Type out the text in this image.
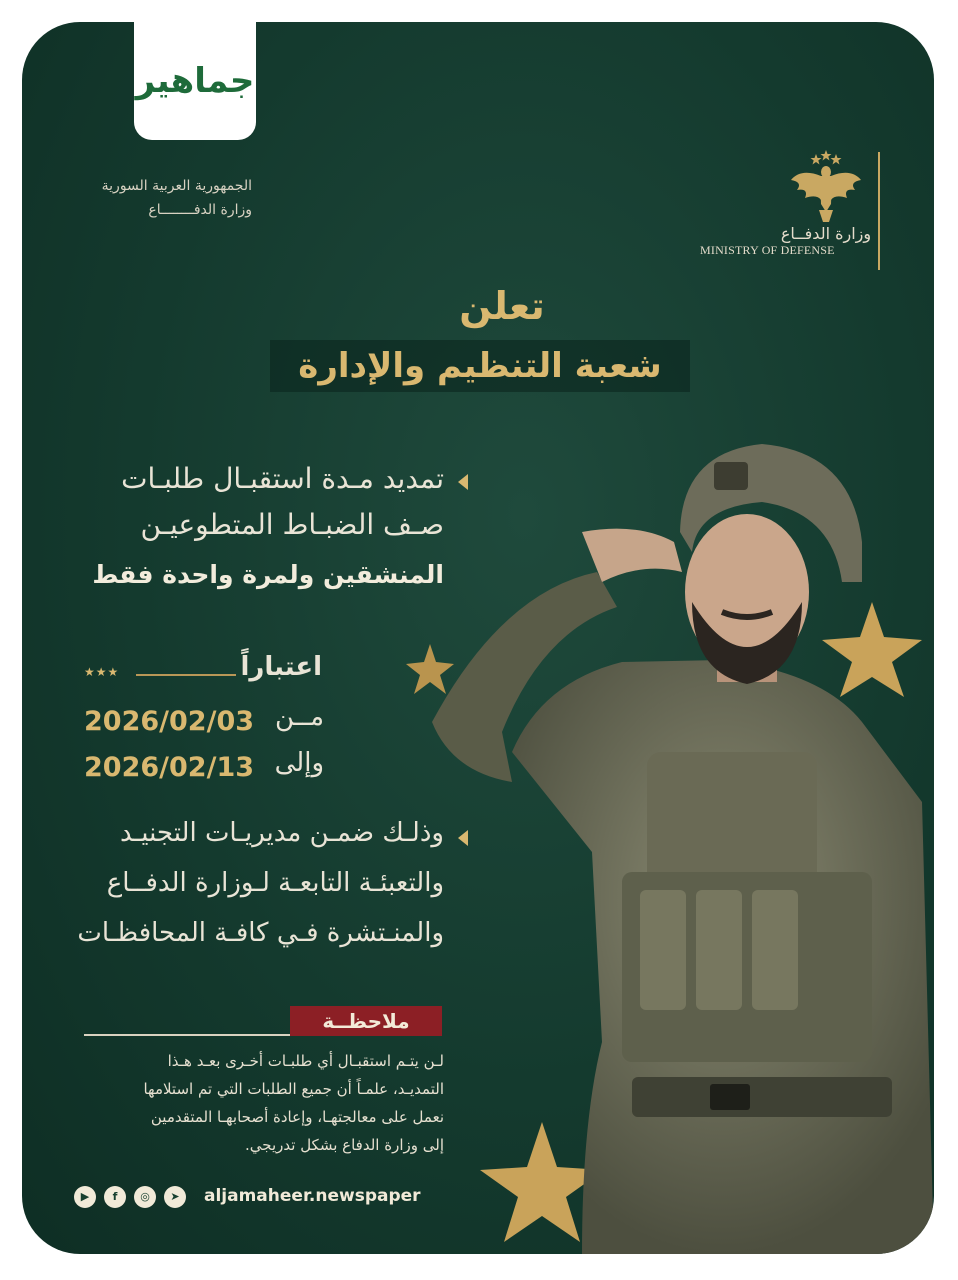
جماهير
الجمهورية العربية السورية
وزارة الدفــــــــاع
وزارة الدفــاع
MINISTRY OF DEFENSE
تعلن
شعبة التنظيم والإدارة
تمديد مـدة استقبـال طلبـات
صـف الضبـاط المتطوعيـن
المنشقين ولمرة واحدة فقط
اعتباراً
★★★
مــن
2026/02/03
وإلى
2026/02/13
وذلـك ضمـن مديريـات التجنيـد
والتعبئـة التابعـة لـوزارة الدفــاع
والمنـتشرة فـي كافـة المحافظـات
ملاحظــة
لـن يتـم استقبـال أي طلبـات أخـرى بعـد هـذا
التمديـد، علمـاً أن جميع الطلبات التي تم استلامها
نعمل على معالجتهـا، وإعادة أصحابهـا المتقدمين
إلى وزارة الدفاع بشكل تدريجي.
▶	f	◎	➤	aljamaheer.newspaper
